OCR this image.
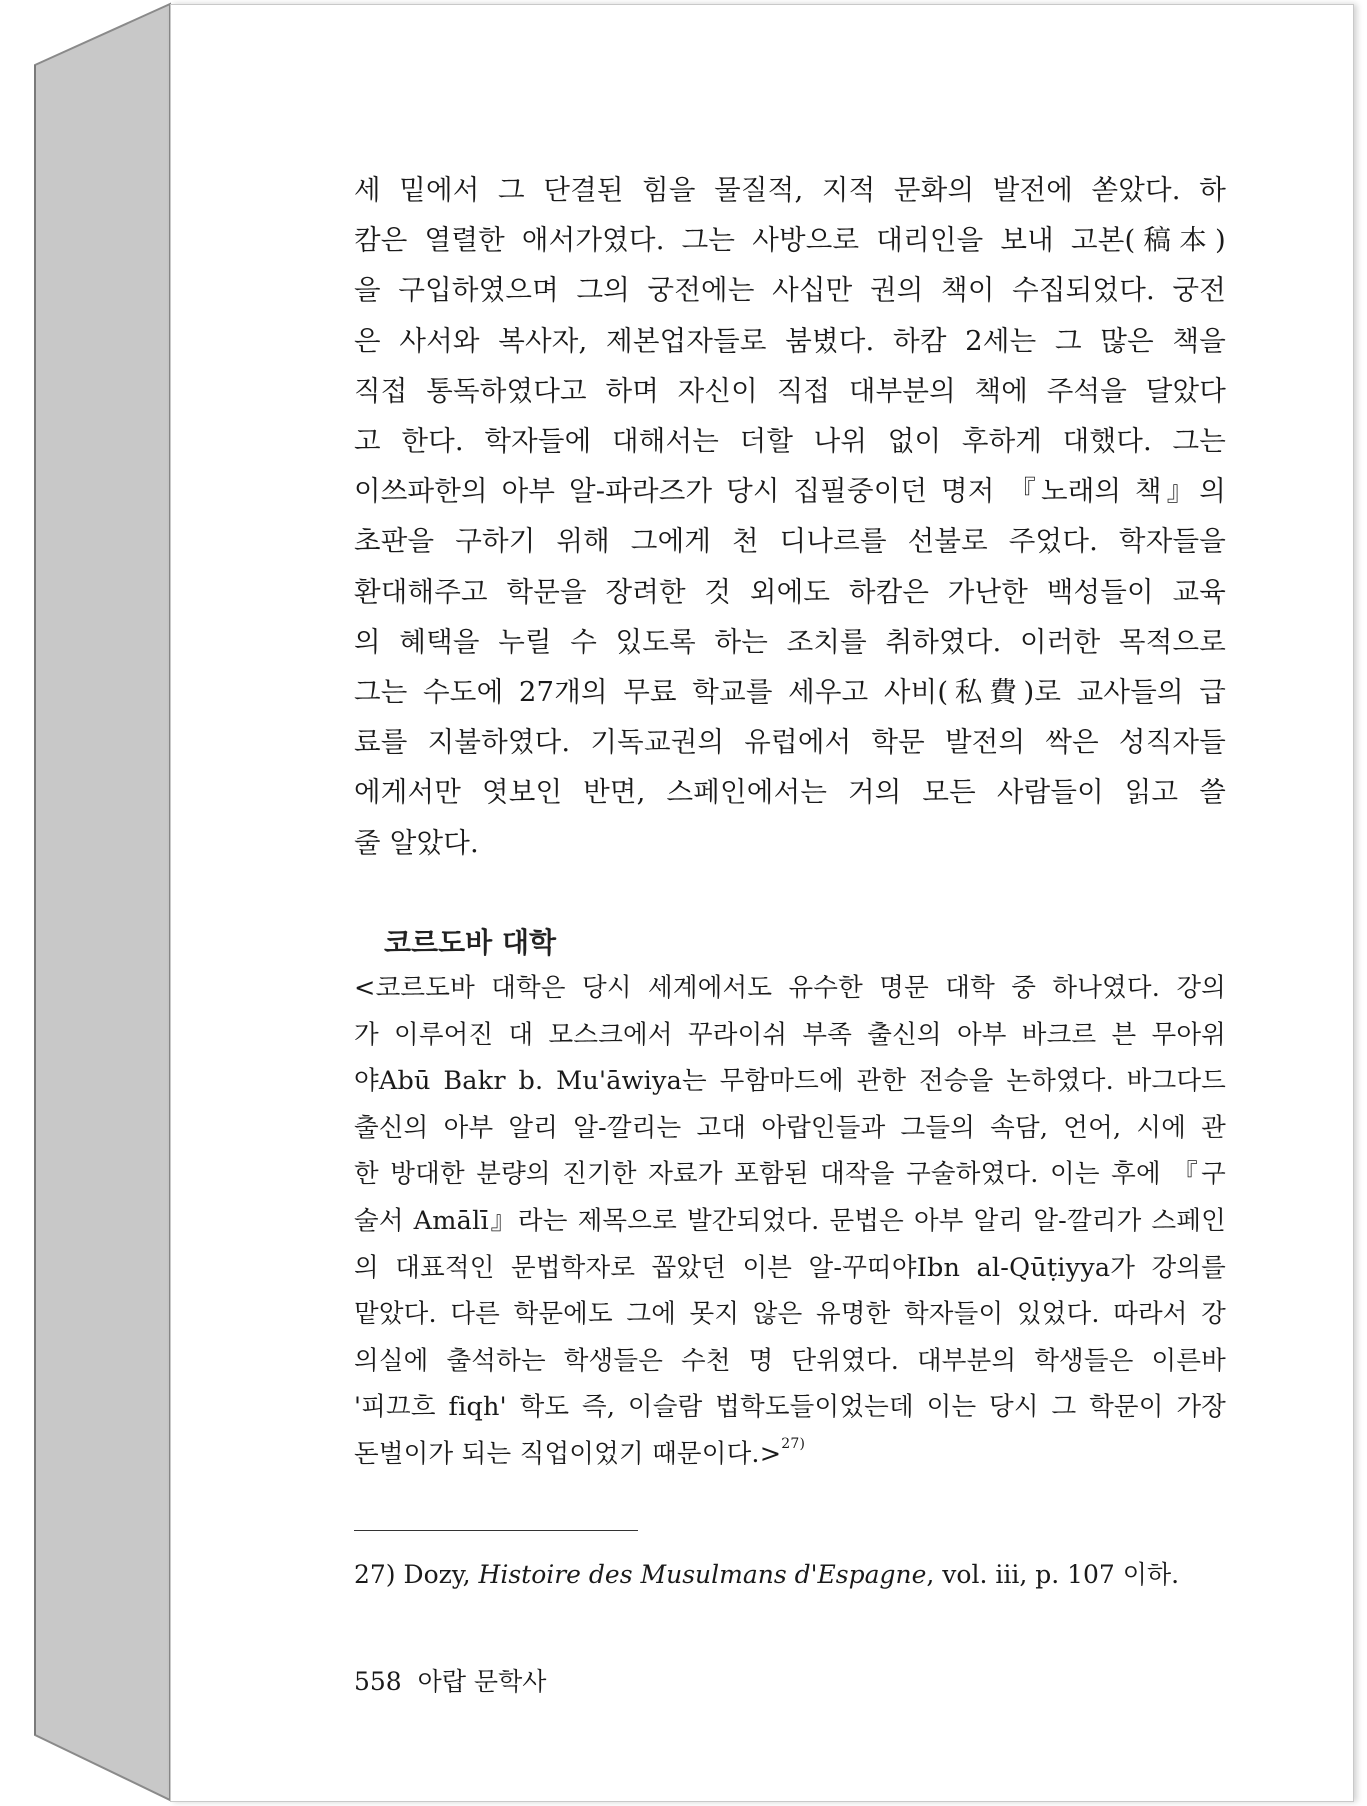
세 밑에서 그 단결된 힘을 물질적, 지적 문화의 발전에 쏟았다. 하
캄은 열렬한 애서가였다. 그는 사방으로 대리인을 보내 고본(稿本)
을 구입하였으며 그의 궁전에는 사십만 권의 책이 수집되었다. 궁전
은 사서와 복사자, 제본업자들로 붐볐다. 하캄 2세는 그 많은 책을
직접 통독하였다고 하며 자신이 직접 대부분의 책에 주석을 달았다
고 한다. 학자들에 대해서는 더할 나위 없이 후하게 대했다. 그는
이쓰파한의 아부 알-파라즈가 당시 집필중이던 명저 『노래의 책』의
초판을 구하기 위해 그에게 천 디나르를 선불로 주었다. 학자들을
환대해주고 학문을 장려한 것 외에도 하캄은 가난한 백성들이 교육
의 혜택을 누릴 수 있도록 하는 조치를 취하였다. 이러한 목적으로
그는 수도에 27개의 무료 학교를 세우고 사비(私費)로 교사들의 급
료를 지불하였다. 기독교권의 유럽에서 학문 발전의 싹은 성직자들
에게서만 엿보인 반면, 스페인에서는 거의 모든 사람들이 읽고 쓸
줄 알았다.

코르도바 대학

<코르도바 대학은 당시 세계에서도 유수한 명문 대학 중 하나였다. 강의
가 이루어진 대 모스크에서 꾸라이쉬 부족 출신의 아부 바크르 븐 무아위
야Abū Bakr b. Mu'āwiya는 무함마드에 관한 전승을 논하였다. 바그다드
출신의 아부 알리 알-깔리는 고대 아랍인들과 그들의 속담, 언어, 시에 관
한 방대한 분량의 진기한 자료가 포함된 대작을 구술하였다. 이는 후에 『구
술서 Amālī』라는 제목으로 발간되었다. 문법은 아부 알리 알-깔리가 스페인
의 대표적인 문법학자로 꼽았던 이븐 알-꾸띠야Ibn al-Qūṭiyya가 강의를
맡았다. 다른 학문에도 그에 못지 않은 유명한 학자들이 있었다. 따라서 강
의실에 출석하는 학생들은 수천 명 단위였다. 대부분의 학생들은 이른바
'피끄흐 fiqh' 학도 즉, 이슬람 법학도들이었는데 이는 당시 그 학문이 가장
돈벌이가 되는 직업이었기 때문이다.>$^{27)}$

27) Dozy, Histoire des Musulmans d'Espagne, vol. iii, p. 107 이하.
558 아랍 문학사
